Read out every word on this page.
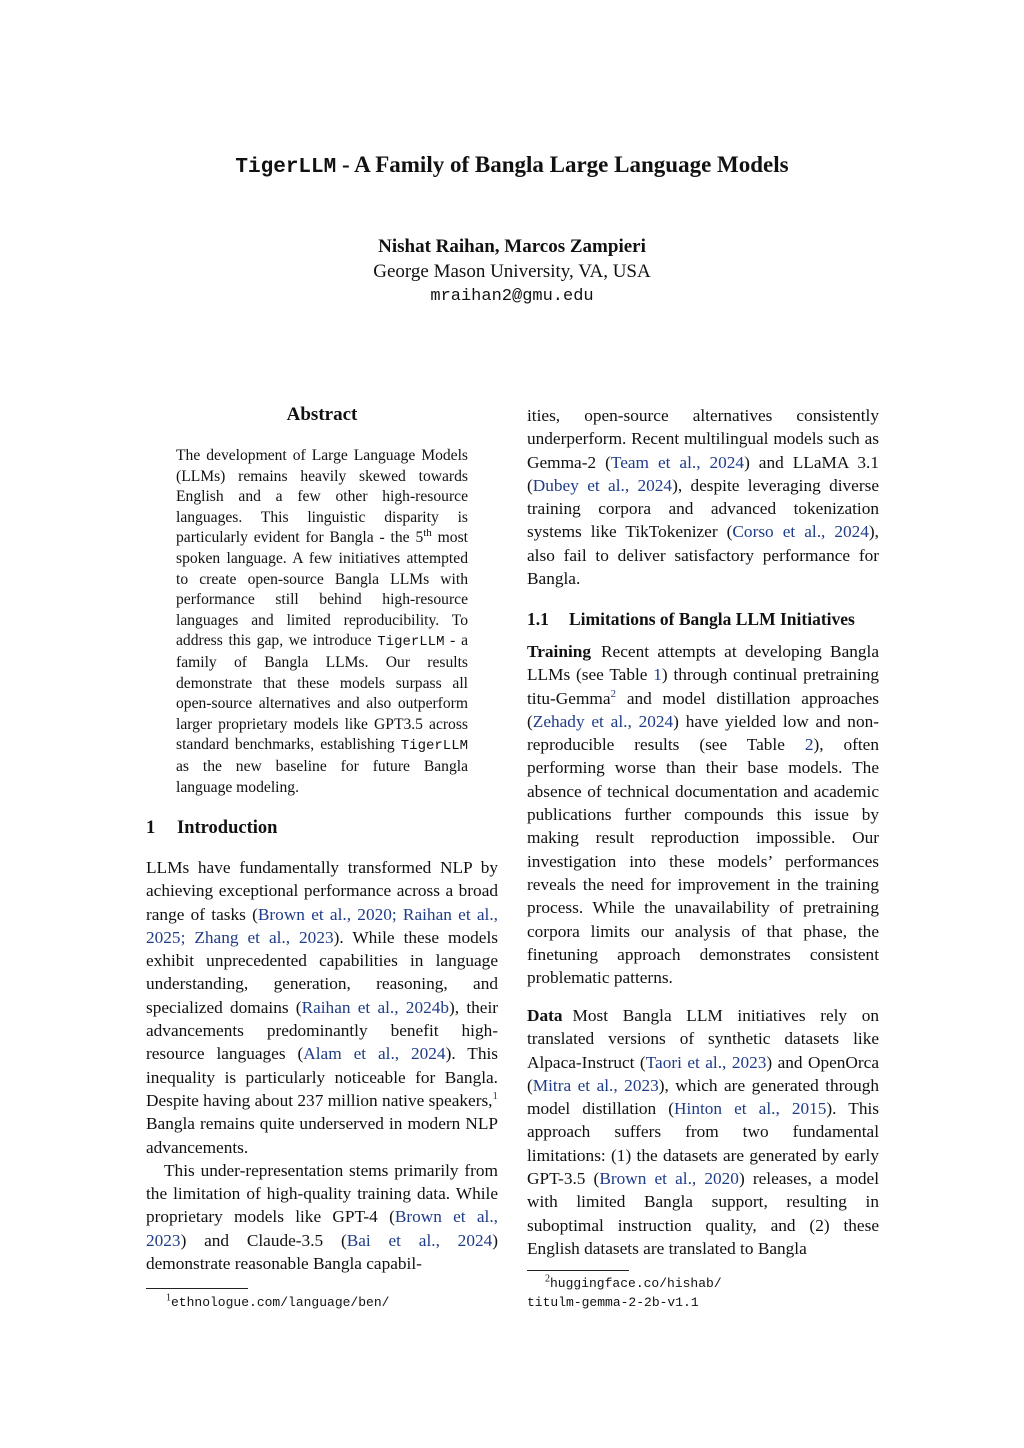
TigerLLM - A Family of Bangla Large Language Models
Nishat Raihan, Marcos Zampieri
George Mason University, VA, USA
mraihan2@gmu.edu
Abstract
The development of Large Language Models (LLMs) remains heavily skewed towards English and a few other high-resource languages. This linguistic disparity is particularly evident for Bangla - the 5th most spoken language. A few initiatives attempted to create open-source Bangla LLMs with performance still behind high-resource languages and limited reproducibility. To address this gap, we introduce TigerLLM - a family of Bangla LLMs. Our results demonstrate that these models surpass all open-source alternatives and also outperform larger proprietary models like GPT3.5 across standard benchmarks, establishing TigerLLM as the new baseline for future Bangla language modeling.
1 Introduction

LLMs have fundamentally transformed NLP by achieving exceptional performance across a broad range of tasks (Brown et al., 2020; Raihan et al., 2025; Zhang et al., 2023). While these models exhibit unprecedented capabilities in language understanding, generation, reasoning, and specialized domains (Raihan et al., 2024b), their advancements predominantly benefit high-resource languages (Alam et al., 2024). This inequality is particularly noticeable for Bangla. Despite having about 237 million native speakers,$^1$ Bangla remains quite underserved in modern NLP advancements.

This under-representation stems primarily from the limitation of high-quality training data. While proprietary models like GPT-4 (Brown et al., 2023) and Claude-3.5 (Bai et al., 2024) demonstrate reasonable Bangla capabil-

$^1$ethnologue.com/language/ben/

ities, open-source alternatives consistently underperform. Recent multilingual models such as Gemma-2 (Team et al., 2024) and LLaMA 3.1 (Dubey et al., 2024), despite leveraging diverse training corpora and advanced tokenization systems like TikTokenizer (Corso et al., 2024), also fail to deliver satisfactory performance for Bangla.

1.1 Limitations of Bangla LLM Initiatives

Training Recent attempts at developing Bangla LLMs (see Table 1) through continual pretraining titu-Gemma$^2$ and model distillation approaches (Zehady et al., 2024) have yielded low and non-reproducible results (see Table 2), often performing worse than their base models. The absence of technical documentation and academic publications further compounds this issue by making result reproduction impossible. Our investigation into these models’ performances reveals the need for improvement in the training process. While the unavailability of pretraining corpora limits our analysis of that phase, the finetuning approach demonstrates consistent problematic patterns.

Data Most Bangla LLM initiatives rely on translated versions of synthetic datasets like Alpaca-Instruct (Taori et al., 2023) and OpenOrca (Mitra et al., 2023), which are generated through model distillation (Hinton et al., 2015). This approach suffers from two fundamental limitations: (1) the datasets are generated by early GPT-3.5 (Brown et al., 2020) releases, a model with limited Bangla support, resulting in suboptimal instruction quality, and (2) these English datasets are translated to Bangla

$^2$huggingface.co/hishab/
titulm-gemma-2-2b-v1.1
